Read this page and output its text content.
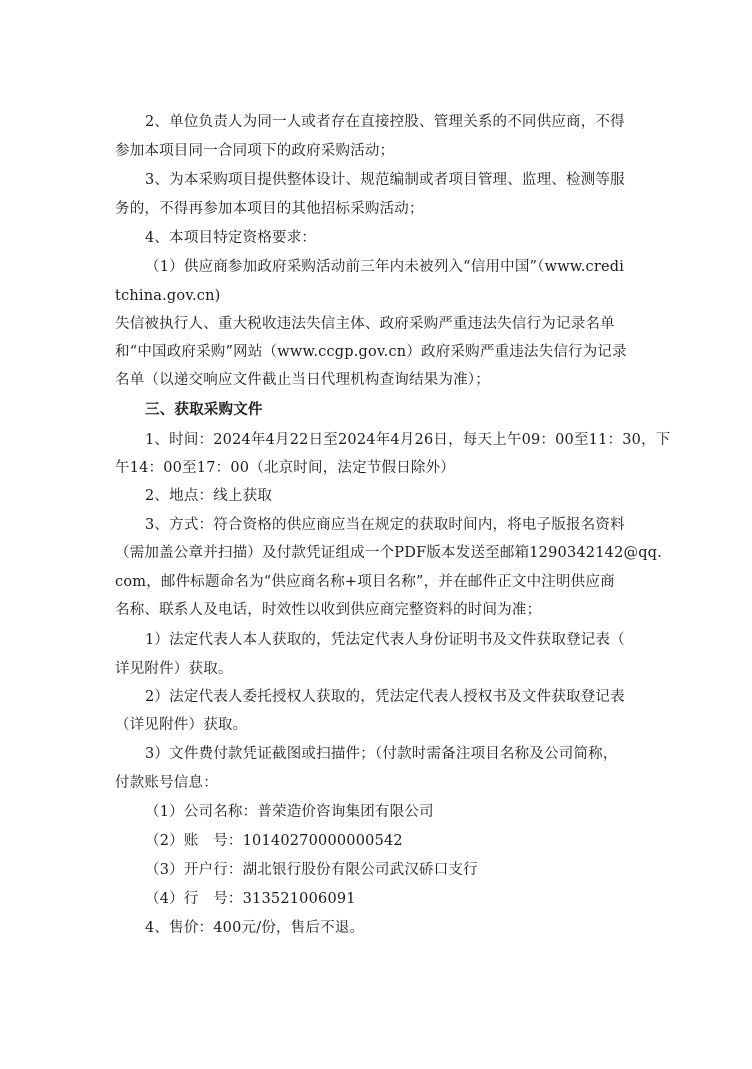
2、单位负责人为同一人或者存在直接控股、管理关系的不同供应商，不得
参加本项目同一合同项下的政府采购活动；
3、为本采购项目提供整体设计、规范编制或者项目管理、监理、检测等服
务的，不得再参加本项目的其他招标采购活动；
4、本项目特定资格要求：
（1）供应商参加政府采购活动前三年内未被列入“信用中国”（www.credi
tchina.gov.cn)
失信被执行人、重大税收违法失信主体、政府采购严重违法失信行为记录名单
和“中国政府采购”网站（www.ccgp.gov.cn）政府采购严重违法失信行为记录
名单（以递交响应文件截止当日代理机构查询结果为准）；
三、获取采购文件
1、时间：2024年4月22日至2024年4月26日，每天上午09：00至11：30，下
午14：00至17：00（北京时间，法定节假日除外）
2、地点：线上获取
3、方式：符合资格的供应商应当在规定的获取时间内，将电子版报名资料
（需加盖公章并扫描）及付款凭证组成一个PDF版本发送至邮箱1290342142@qq.
com，邮件标题命名为“供应商名称+项目名称”，并在邮件正文中注明供应商
名称、联系人及电话，时效性以收到供应商完整资料的时间为准；
1）法定代表人本人获取的，凭法定代表人身份证明书及文件获取登记表（
详见附件）获取。
2）法定代表人委托授权人获取的，凭法定代表人授权书及文件获取登记表
（详见附件）获取。
3）文件费付款凭证截图或扫描件；（付款时需备注项目名称及公司简称，
付款账号信息：
（1）公司名称：普荣造价咨询集团有限公司
（2）账　号：10140270000000542
（3）开户行：湖北银行股份有限公司武汉硚口支行
（4）行　号：313521006091
4、售价：400元/份，售后不退。
